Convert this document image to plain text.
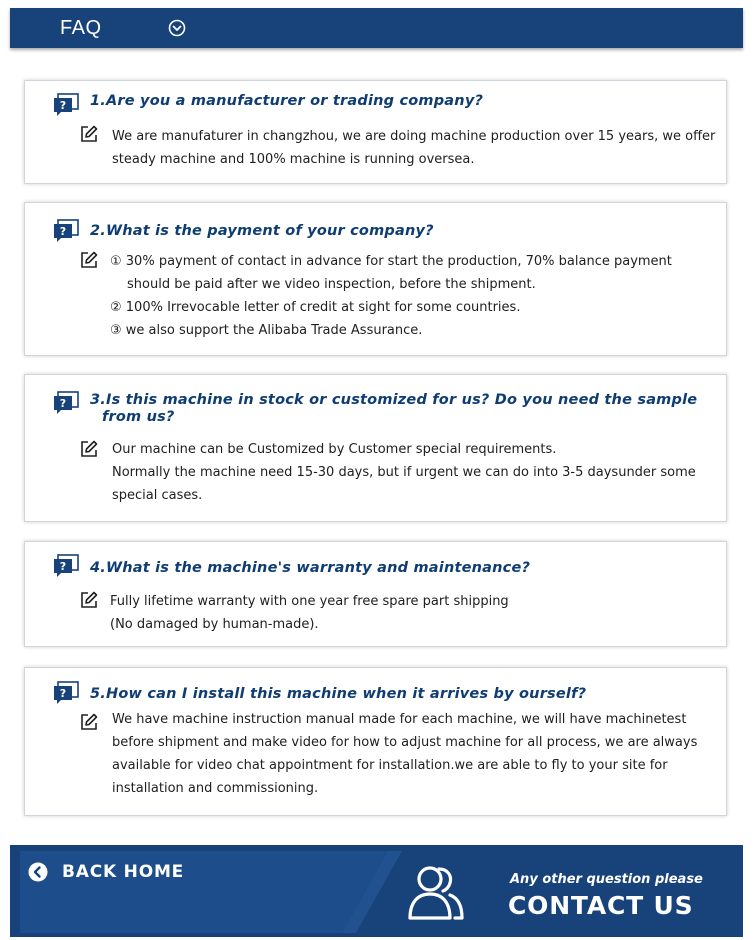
FAQ
? 1.Are you a manufacturer or trading company?
We are manufaturer in changzhou, we are doing machine production over 15 years, we offer
steady machine and 100% machine is running oversea.
? 2.What is the payment of your company?
① 30% payment of contact in advance for start the production, 70% balance payment
should be paid after we video inspection, before the shipment.
② 100% Irrevocable letter of credit at sight for some countries.
③ we also support the Alibaba Trade Assurance.
? 3.Is this machine in stock or customized for us? Do you need the sample
from us?
Our machine can be Customized by Customer special requirements.
Normally the machine need 15-30 days, but if urgent we can do into 3-5 daysunder some
special cases.
? 4.What is the machine's warranty and maintenance?
Fully lifetime warranty with one year free spare part shipping
(No damaged by human-made).
? 5.How can I install this machine when it arrives by ourself?
We have machine instruction manual made for each machine, we will have machinetest
before shipment and make video for how to adjust machine for all process, we are always
available for video chat appointment for installation.we are able to fly to your site for
installation and commissioning.
BACK HOME	Any other question please
CONTACT US
